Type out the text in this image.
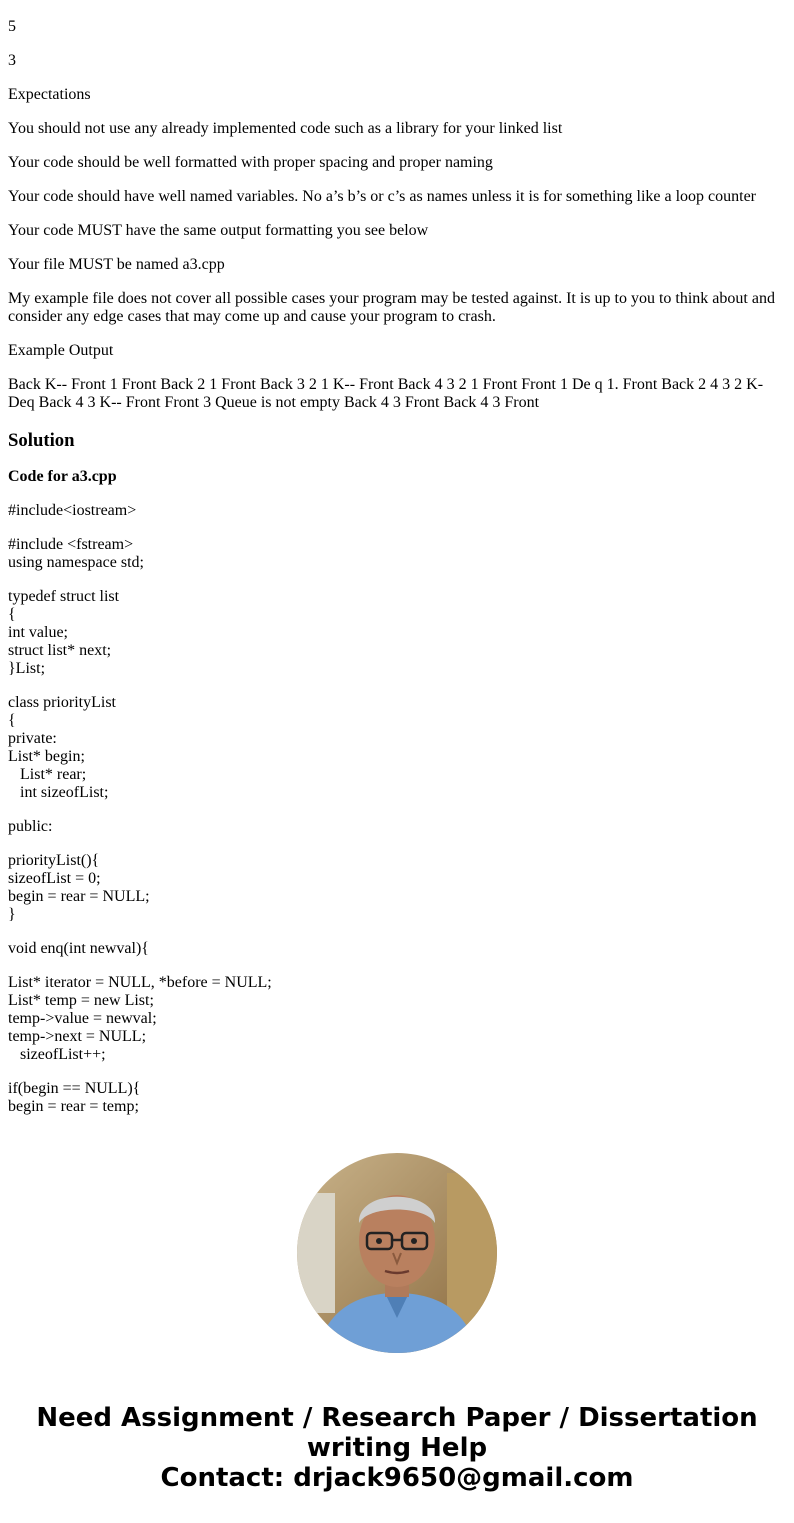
5

3

Expectations

You should not use any already implemented code such as a library for your linked list

Your code should be well formatted with proper spacing and proper naming

Your code should have well named variables. No a’s b’s or c’s as names unless it is for something like a loop counter

Your code MUST have the same output formatting you see below

Your file MUST be named a3.cpp

My example file does not cover all possible cases your program may be tested against. It is up to you to think about and consider any edge cases that may come up and cause your program to crash.

Example Output

Back K-- Front 1 Front Back 2 1 Front Back 3 2 1 K-- Front Back 4 3 2 1 Front Front 1 De q 1. Front Back 2 4 3 2 K- Deq Back 4 3 K-- Front Front 3 Queue is not empty Back 4 3 Front Back 4 3 Front

Solution
Code for a3.cpp
#include<iostream>
#include <fstream>
using namespace std;
typedef struct list
{
int value;
struct list* next;
}List;
class priorityList
{
private:
List* begin;
List* rear;
int sizeofList;
public:
priorityList(){
sizeofList = 0;
begin = rear = NULL;
}
void enq(int newval){
List* iterator = NULL, *before = NULL;
List* temp = new List;
temp->value = newval;
temp->next = NULL;
sizeofList++;
if(begin == NULL){
begin = rear = temp;
Need Assignment / Research Paper / Dissertation
writing Help
Contact: drjack9650@gmail.com
